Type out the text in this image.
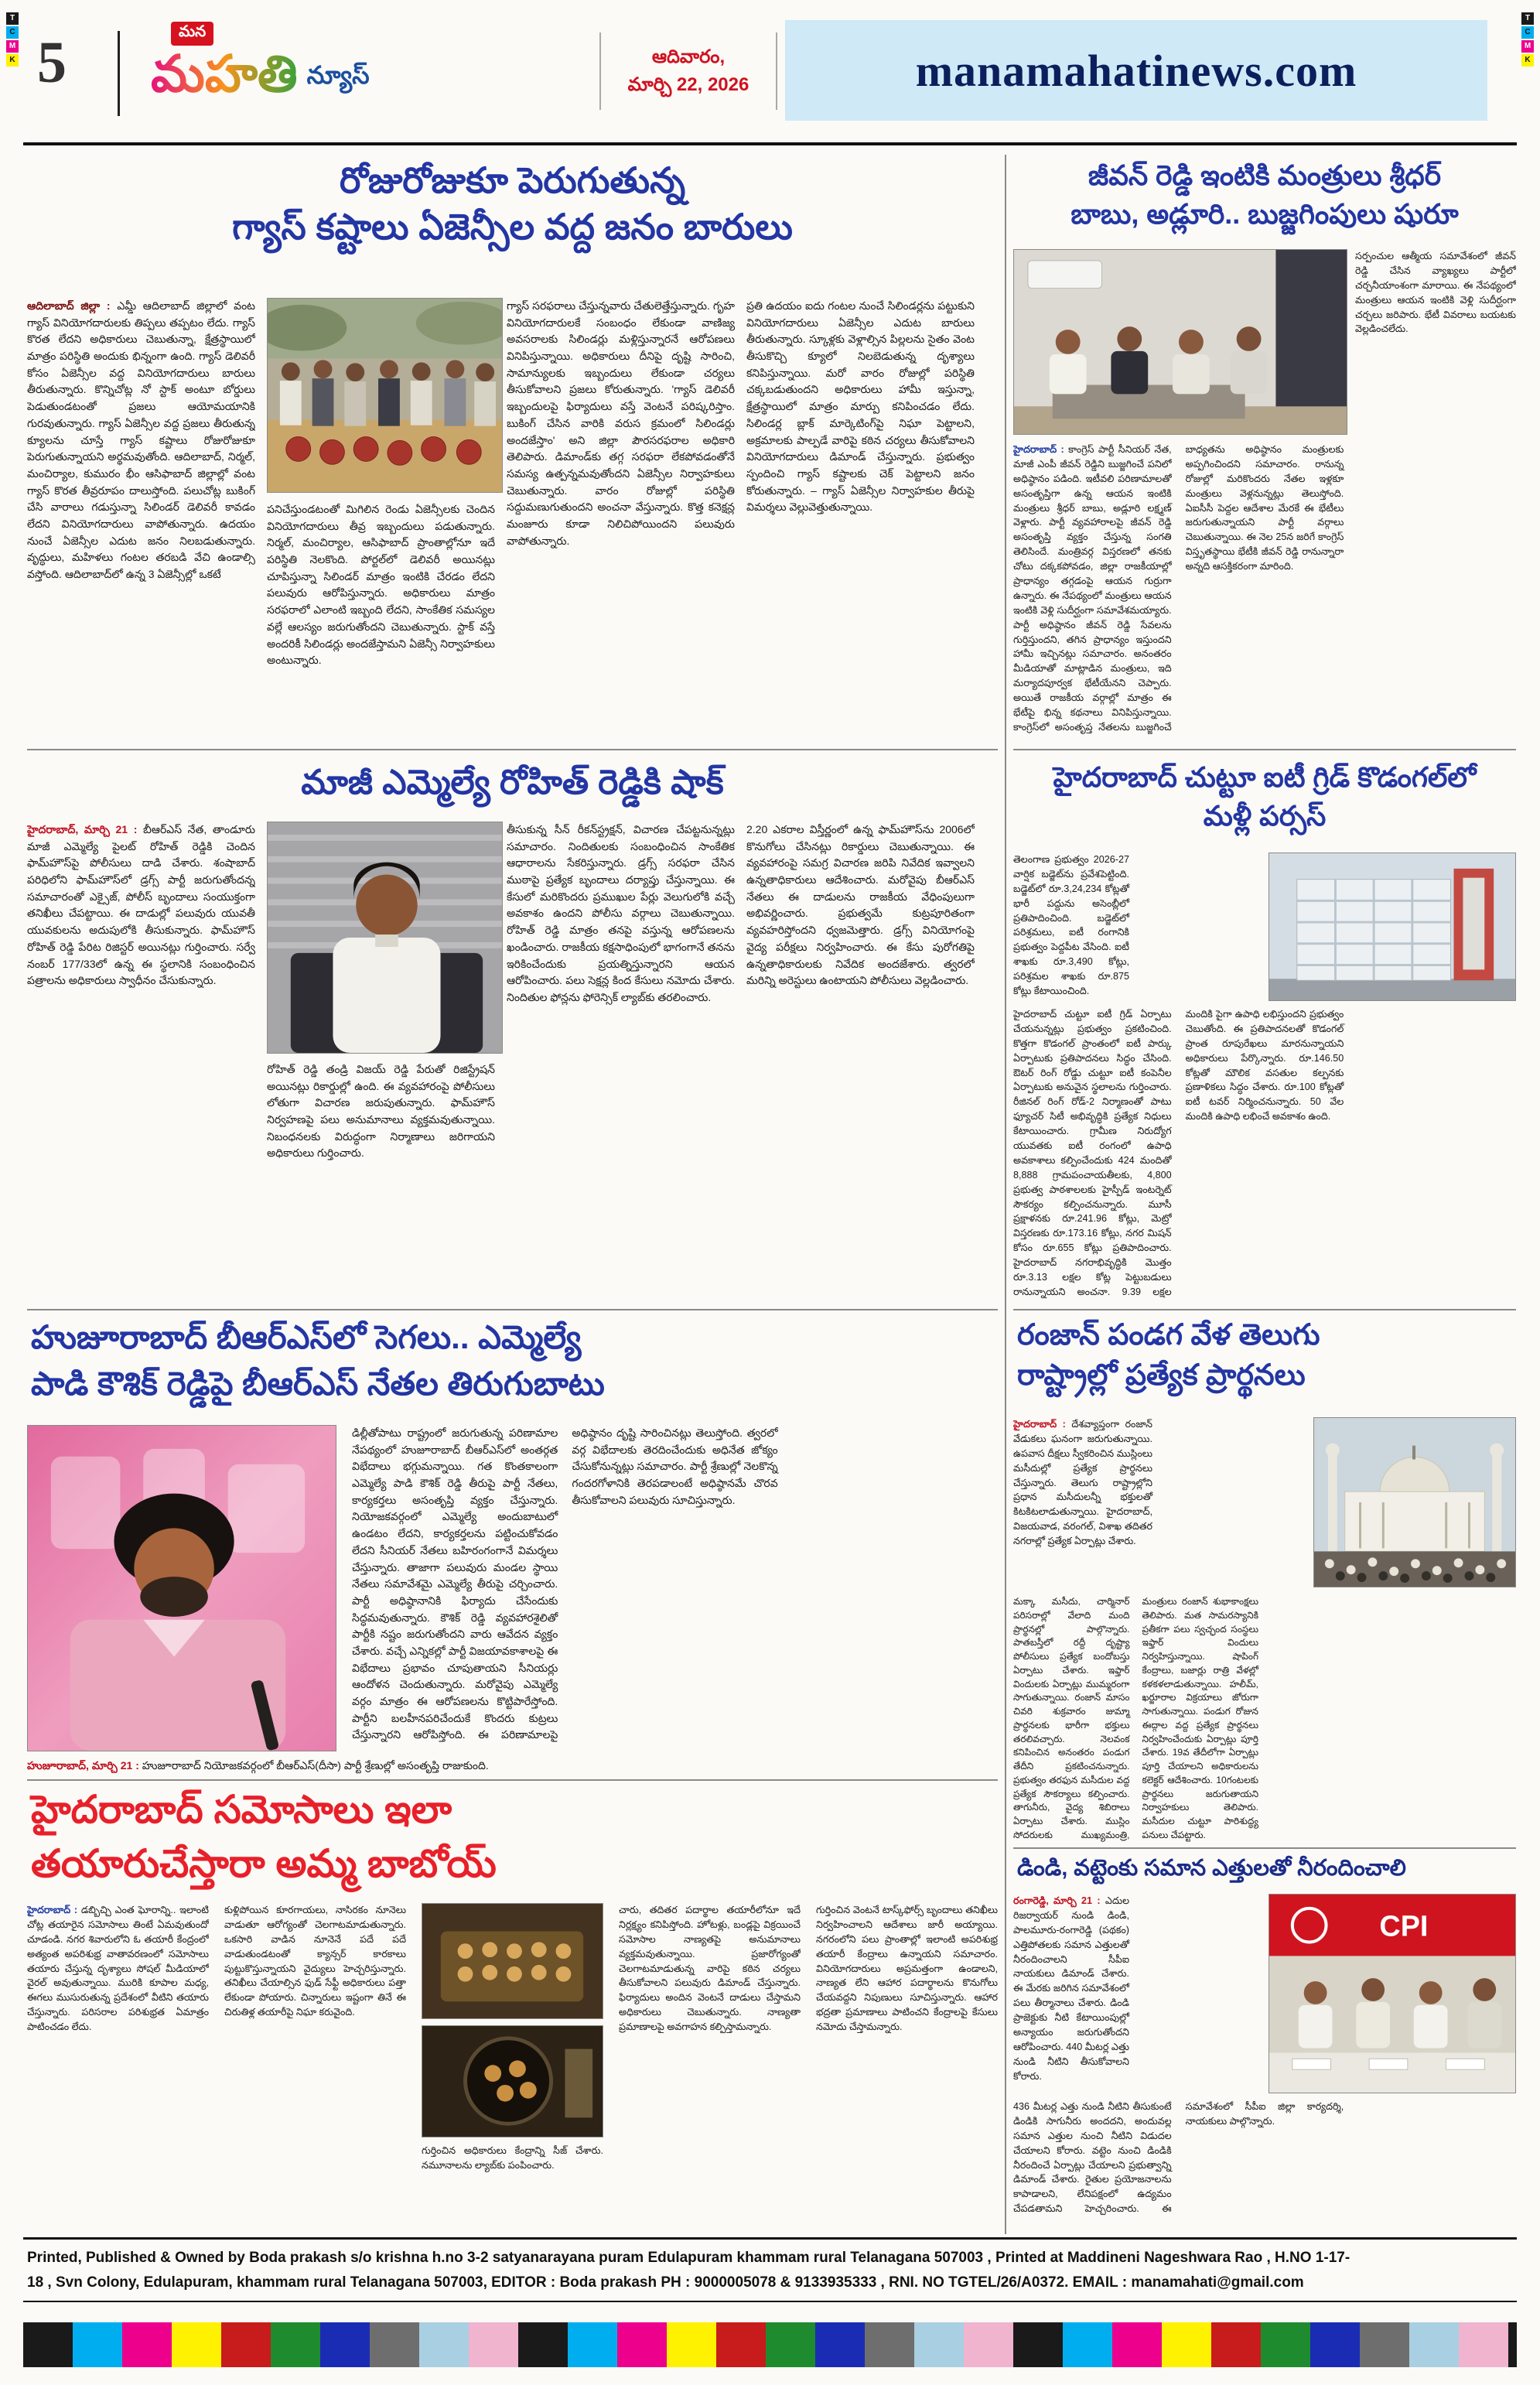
T
C
M
K
T
C
M
K
5	మన
మహతి న్యూస్
ఆదివారం,
మార్చి 22, 2026	manamahatinews.com
రోజురోజుకూ పెరుగుతున్న
గ్యాస్ కష్టాలు ఏజెన్సీల వద్ద జనం బారులు
ఆదిలాబాద్ జిల్లా : ఎమ్డీ ఆదిలాబాద్ జిల్లాలో వంట గ్యాస్ వినియోగదారులకు తిప్పలు తప్పటం లేదు. గ్యాస్ కొరత లేదని అధికారులు చెబుతున్నా, క్షేత్రస్థాయిలో మాత్రం పరిస్థితి అందుకు భిన్నంగా ఉంది. గ్యాస్ డెలివరీ కోసం ఏజెన్సీల వద్ద వినియోగదారులు బారులు తీరుతున్నారు. కొన్నిచోట్ల నో స్టాక్ అంటూ బోర్డులు పెడుతుండటంతో ప్రజలు ఆయోమయానికి గురవుతున్నారు. గ్యాస్ ఏజెన్సీల వద్ద ప్రజలు తీరుతున్న క్యూలను చూస్తే గ్యాస్ కష్టాలు రోజురోజుకూ పెరుగుతున్నాయని అర్థమవుతోంది. ఆదిలాబాద్, నిర్మల్, మంచిర్యాల, కుమురం భీం ఆసిఫాబాద్ జిల్లాల్లో వంట గ్యాస్ కొరత తీవ్రరూపం దాలుస్తోంది. పలుచోట్ల బుకింగ్ చేసి వారాలు గడుస్తున్నా సిలిండర్ డెలివరీ కావడం లేదని వినియోగదారులు వాపోతున్నారు. ఉదయం నుంచే ఏజెన్సీల ఎదుట జనం నిలబడుతున్నారు. వృద్ధులు, మహిళలు గంటల తరబడి వేచి ఉండాల్సి వస్తోంది. ఆదిలాబాద్‌లో ఉన్న 3 ఏజెన్సీల్లో ఒకటే
పనిచేస్తుండటంతో మిగిలిన రెండు ఏజెన్సీలకు చెందిన వినియోగదారులు తీవ్ర ఇబ్బందులు పడుతున్నారు. నిర్మల్, మంచిర్యాల, ఆసిఫాబాద్ ప్రాంతాల్లోనూ ఇదే పరిస్థితి నెలకొంది. పోర్టల్‌లో డెలివరీ అయినట్లు చూపిస్తున్నా సిలిండర్ మాత్రం ఇంటికి చేరడం లేదని పలువురు ఆరోపిస్తున్నారు. అధికారులు మాత్రం సరఫరాలో ఎలాంటి ఇబ్బంది లేదని, సాంకేతిక సమస్యల వల్లే ఆలస్యం జరుగుతోందని చెబుతున్నారు. స్టాక్ వస్తే అందరికీ సిలిండర్లు అందజేస్తామని ఏజెన్సీ నిర్వాహకులు అంటున్నారు.
గ్యాస్ సరఫరాలు చేస్తున్నవారు చేతులెత్తేస్తున్నారు. గృహ వినియోగదారులకే సంబంధం లేకుండా వాణిజ్య అవసరాలకు సిలిండర్లు మళ్లిస్తున్నారనే ఆరోపణలు వినిపిస్తున్నాయి. అధికారులు దీనిపై దృష్టి సారించి, సామాన్యులకు ఇబ్బందులు లేకుండా చర్యలు తీసుకోవాలని ప్రజలు కోరుతున్నారు. 'గ్యాస్ డెలివరీ ఇబ్బందులపై ఫిర్యాదులు వస్తే వెంటనే పరిష్కరిస్తాం. బుకింగ్ చేసిన వారికి వరుస క్రమంలో సిలిండర్లు అందజేస్తాం' అని జిల్లా పౌరసరఫరాల అధికారి తెలిపారు. డిమాండ్‌కు తగ్గ సరఫరా లేకపోవడంతోనే సమస్య ఉత్పన్నమవుతోందని ఏజెన్సీల నిర్వాహకులు చెబుతున్నారు. వారం రోజుల్లో పరిస్థితి సద్దుమణుగుతుందని అంచనా వేస్తున్నారు. కొత్త కనెక్షన్ల మంజూరు కూడా నిలిచిపోయిందని పలువురు వాపోతున్నారు.
ప్రతి ఉదయం ఐదు గంటల నుంచే సిలిండర్లను పట్టుకుని వినియోగదారులు ఏజెన్సీల ఎదుట బారులు తీరుతున్నారు. స్కూళ్లకు వెళ్లాల్సిన పిల్లలను సైతం వెంట తీసుకొచ్చి క్యూలో నిలబెడుతున్న దృశ్యాలు కనిపిస్తున్నాయి. మరో వారం రోజుల్లో పరిస్థితి చక్కబడుతుందని అధికారులు హామీ ఇస్తున్నా, క్షేత్రస్థాయిలో మాత్రం మార్పు కనిపించడం లేదు. సిలిండర్ల బ్లాక్ మార్కెటింగ్‌పై నిఘా పెట్టాలని, అక్రమాలకు పాల్పడే వారిపై కఠిన చర్యలు తీసుకోవాలని వినియోగదారులు డిమాండ్ చేస్తున్నారు. ప్రభుత్వం స్పందించి గ్యాస్ కష్టాలకు చెక్ పెట్టాలని జనం కోరుతున్నారు. – గ్యాస్ ఏజెన్సీల నిర్వాహకుల తీరుపై విమర్శలు వెల్లువెత్తుతున్నాయి.
జీవన్ రెడ్డి ఇంటికి మంత్రులు శ్రీధర్
బాబు, అడ్లూరి.. బుజ్జగింపులు షురూ
సర్పంచుల ఆత్మీయ సమావేశంలో జీవన్ రెడ్డి చేసిన వ్యాఖ్యలు పార్టీలో చర్చనీయాంశంగా మారాయి. ఈ నేపథ్యంలో మంత్రులు ఆయన ఇంటికి వెళ్లి సుదీర్ఘంగా చర్చలు జరిపారు. భేటీ వివరాలు బయటకు వెల్లడించలేదు.
హైదరాబాద్ : కాంగ్రెస్ పార్టీ సీనియర్ నేత, మాజీ ఎంపీ జీవన్ రెడ్డిని బుజ్జగించే పనిలో అధిష్ఠానం పడింది. ఇటీవలి పరిణామాలతో అసంతృప్తిగా ఉన్న ఆయన ఇంటికి మంత్రులు శ్రీధర్ బాబు, అడ్లూరి లక్ష్మణ్ వెళ్లారు. పార్టీ వ్యవహారాలపై జీవన్ రెడ్డి అసంతృప్తి వ్యక్తం చేస్తున్న సంగతి తెలిసిందే. మంత్రివర్గ విస్తరణలో తనకు చోటు దక్కకపోవడం, జిల్లా రాజకీయాల్లో ప్రాధాన్యం తగ్గడంపై ఆయన గుర్రుగా ఉన్నారు. ఈ నేపథ్యంలో మంత్రులు ఆయన ఇంటికి వెళ్లి సుదీర్ఘంగా సమావేశమయ్యారు. పార్టీ అధిష్ఠానం జీవన్ రెడ్డి సేవలను గుర్తిస్తుందని, తగిన ప్రాధాన్యం ఇస్తుందని హామీ ఇచ్చినట్లు సమాచారం. అనంతరం మీడియాతో మాట్లాడిన మంత్రులు, ఇది మర్యాదపూర్వక భేటీయేనని చెప్పారు. అయితే రాజకీయ వర్గాల్లో మాత్రం ఈ భేటీపై భిన్న కథనాలు వినిపిస్తున్నాయి. కాంగ్రెస్‌లో అసంతృప్త నేతలను బుజ్జగించే బాధ్యతను అధిష్ఠానం మంత్రులకు అప్పగించిందని సమాచారం. రానున్న రోజుల్లో మరికొందరు నేతల ఇళ్లకూ మంత్రులు వెళ్లనున్నట్లు తెలుస్తోంది. ఏఐసీసీ పెద్దల ఆదేశాల మేరకే ఈ భేటీలు జరుగుతున్నాయని పార్టీ వర్గాలు చెబుతున్నాయి. ఈ నెల 25న జరిగే కాంగ్రెస్ విస్తృతస్థాయి భేటీకి జీవన్ రెడ్డి రానున్నారా అన్నది ఆసక్తికరంగా మారింది.
మాజీ ఎమ్మెల్యే రోహిత్ రెడ్డికి షాక్
హైదరాబాద్, మార్చి 21 : బీఆర్ఎస్ నేత, తాండూరు మాజీ ఎమ్మెల్యే పైలట్ రోహిత్ రెడ్డికి చెందిన ఫామ్‌హౌస్‌పై పోలీసులు దాడి చేశారు. శంషాబాద్ పరిధిలోని ఫామ్‌హౌస్‌లో డ్రగ్స్ పార్టీ జరుగుతోందన్న సమాచారంతో ఎక్సైజ్, పోలీస్ బృందాలు సంయుక్తంగా తనిఖీలు చేపట్టాయి. ఈ దాడుల్లో పలువురు యువతీ యువకులను అదుపులోకి తీసుకున్నారు. ఫామ్‌హౌస్ రోహిత్ రెడ్డి పేరిట రిజిస్టర్ అయినట్లు గుర్తించారు. సర్వే నంబర్ 177/33లో ఉన్న ఈ స్థలానికి సంబంధించిన పత్రాలను అధికారులు స్వాధీనం చేసుకున్నారు.
రోహిత్ రెడ్డి తండ్రి విజయ్ రెడ్డి పేరుతో రిజిస్ట్రేషన్ అయినట్లు రికార్డుల్లో ఉంది. ఈ వ్యవహారంపై పోలీసులు లోతుగా విచారణ జరుపుతున్నారు. ఫామ్‌హౌస్ నిర్వహణపై పలు అనుమానాలు వ్యక్తమవుతున్నాయి. నిబంధనలకు విరుద్ధంగా నిర్మాణాలు జరిగాయని అధికారులు గుర్తించారు.
తీసుకున్న సీన్ రీకన్‌స్ట్రక్షన్, విచారణ చేపట్టనున్నట్లు సమాచారం. నిందితులకు సంబంధించిన సాంకేతిక ఆధారాలను సేకరిస్తున్నారు. డ్రగ్స్ సరఫరా చేసిన ముఠాపై ప్రత్యేక బృందాలు దర్యాప్తు చేస్తున్నాయి. ఈ కేసులో మరికొందరు ప్రముఖుల పేర్లు వెలుగులోకి వచ్చే అవకాశం ఉందని పోలీసు వర్గాలు చెబుతున్నాయి. రోహిత్ రెడ్డి మాత్రం తనపై వస్తున్న ఆరోపణలను ఖండించారు. రాజకీయ కక్షసాధింపులో భాగంగానే తనను ఇరికించేందుకు ప్రయత్నిస్తున్నారని ఆయన ఆరోపించారు. పలు సెక్షన్ల కింద కేసులు నమోదు చేశారు. నిందితుల ఫోన్లను ఫోరెన్సిక్ ల్యాబ్‌కు తరలించారు.
2.20 ఎకరాల విస్తీర్ణంలో ఉన్న ఫామ్‌హౌస్‌ను 2006లో కొనుగోలు చేసినట్లు రికార్డులు చెబుతున్నాయి. ఈ వ్యవహారంపై సమగ్ర విచారణ జరిపి నివేదిక ఇవ్వాలని ఉన్నతాధికారులు ఆదేశించారు. మరోవైపు బీఆర్ఎస్ నేతలు ఈ దాడులను రాజకీయ వేధింపులుగా అభివర్ణించారు. ప్రభుత్వమే కుట్రపూరితంగా వ్యవహరిస్తోందని ధ్వజమెత్తారు. డ్రగ్స్ వినియోగంపై వైద్య పరీక్షలు నిర్వహించారు. ఈ కేసు పురోగతిపై ఉన్నతాధికారులకు నివేదిక అందజేశారు. త్వరలో మరిన్ని అరెస్టులు ఉంటాయని పోలీసులు వెల్లడించారు.
హైదరాబాద్ చుట్టూ ఐటీ గ్రిడ్ కొడంగల్‌లో
మళ్లీ పర్సస్
తెలంగాణ ప్రభుత్వం 2026-27 వార్షిక బడ్జెట్‌ను ప్రవేశపెట్టింది. బడ్జెట్‌లో రూ.3,24,234 కోట్లతో భారీ పద్దును అసెంబ్లీలో ప్రతిపాదించింది. బడ్జెట్‌లో పరిశ్రమలు, ఐటీ రంగానికి ప్రభుత్వం పెద్దపీట వేసింది. ఐటీ శాఖకు రూ.3,490 కోట్లు, పరిశ్రమల శాఖకు రూ.875 కోట్లు కేటాయించింది.
హైదరాబాద్ చుట్టూ ఐటీ గ్రిడ్ ఏర్పాటు చేయనున్నట్లు ప్రభుత్వం ప్రకటించింది. కొత్తగా కొడంగల్ ప్రాంతంలో ఐటీ పార్కు ఏర్పాటుకు ప్రతిపాదనలు సిద్ధం చేసింది. ఔటర్ రింగ్ రోడ్డు చుట్టూ ఐటీ కంపెనీల ఏర్పాటుకు అనువైన స్థలాలను గుర్తించారు. రీజినల్ రింగ్ రోడ్-2 నిర్మాణంతో పాటు ఫ్యూచర్ సిటీ అభివృద్ధికి ప్రత్యేక నిధులు కేటాయించారు. గ్రామీణ నిరుద్యోగ యువతకు ఐటీ రంగంలో ఉపాధి అవకాశాలు కల్పించేందుకు 424 మందితో 8,888 గ్రామపంచాయతీలకు, 4,800 ప్రభుత్వ పాఠశాలలకు హైస్పీడ్ ఇంటర్నెట్ సౌకర్యం కల్పించనున్నారు. మూసీ ప్రక్షాళనకు రూ.241.96 కోట్లు, మెట్రో విస్తరణకు రూ.173.16 కోట్లు, నగర మిషన్ కోసం రూ.655 కోట్లు ప్రతిపాదించారు. హైదరాబాద్ నగరాభివృద్ధికి మొత్తం రూ.3.13 లక్షల కోట్ల పెట్టుబడులు రానున్నాయని అంచనా. 9.39 లక్షల మందికి పైగా ఉపాధి లభిస్తుందని ప్రభుత్వం చెబుతోంది. ఈ ప్రతిపాదనలతో కొడంగల్ ప్రాంత రూపురేఖలు మారనున్నాయని అధికారులు పేర్కొన్నారు. రూ.146.50 కోట్లతో మౌలిక వసతుల కల్పనకు ప్రణాళికలు సిద్ధం చేశారు. రూ.100 కోట్లతో ఐటీ టవర్ నిర్మించనున్నారు. 50 వేల మందికి ఉపాధి లభించే అవకాశం ఉంది.
హుజూరాబాద్ బీఆర్ఎస్‌లో సెగలు.. ఎమ్మెల్యే
పాడి కౌశిక్ రెడ్డిపై బీఆర్ఎస్ నేతల తిరుగుబాటు
డిల్లీతోపాటు రాష్ట్రంలో జరుగుతున్న పరిణామాల నేపథ్యంలో హుజూరాబాద్ బీఆర్ఎస్‌లో అంతర్గత విభేదాలు భగ్గుమన్నాయి. గత కొంతకాలంగా ఎమ్మెల్యే పాడి కౌశిక్ రెడ్డి తీరుపై పార్టీ నేతలు, కార్యకర్తలు అసంతృప్తి వ్యక్తం చేస్తున్నారు. నియోజకవర్గంలో ఎమ్మెల్యే అందుబాటులో ఉండటం లేదని, కార్యకర్తలను పట్టించుకోవడం లేదని సీనియర్ నేతలు బహిరంగంగానే విమర్శలు చేస్తున్నారు. తాజాగా పలువురు మండల స్థాయి నేతలు సమావేశమై ఎమ్మెల్యే తీరుపై చర్చించారు. పార్టీ అధిష్ఠానానికి ఫిర్యాదు చేసేందుకు సిద్ధమవుతున్నారు. కౌశిక్ రెడ్డి వ్యవహారశైలితో పార్టీకి నష్టం జరుగుతోందని వారు ఆవేదన వ్యక్తం చేశారు. వచ్చే ఎన్నికల్లో పార్టీ విజయావకాశాలపై ఈ విభేదాలు ప్రభావం చూపుతాయని సీనియర్లు ఆందోళన చెందుతున్నారు. మరోవైపు ఎమ్మెల్యే వర్గం మాత్రం ఈ ఆరోపణలను కొట్టిపారేస్తోంది. పార్టీని బలహీనపరిచేందుకే కొందరు కుట్రలు చేస్తున్నారని ఆరోపిస్తోంది. ఈ పరిణామాలపై అధిష్ఠానం దృష్టి సారించినట్లు తెలుస్తోంది. త్వరలో వర్గ విభేదాలకు తెరదించేందుకు అధినేత జోక్యం చేసుకోనున్నట్లు సమాచారం. పార్టీ శ్రేణుల్లో నెలకొన్న గందరగోళానికి తెరపడాలంటే అధిష్ఠానమే చొరవ తీసుకోవాలని పలువురు సూచిస్తున్నారు.
హుజూరాబాద్, మార్చి 21 : హుజూరాబాద్ నియోజకవర్గంలో బీఆర్ఎస్(దీసా) పార్టీ శ్రేణుల్లో అసంతృప్తి రాజుకుంది.
రంజాన్ పండగ వేళ తెలుగు
రాష్ట్రాల్లో ప్రత్యేక ప్రార్థనలు
హైదరాబాద్ : దేశవ్యాప్తంగా రంజాన్ వేడుకలు ఘనంగా జరుగుతున్నాయి. ఉపవాస దీక్షలు స్వీకరించిన ముస్లింలు మసీదుల్లో ప్రత్యేక ప్రార్థనలు చేస్తున్నారు. తెలుగు రాష్ట్రాల్లోని ప్రధాన మసీదులన్నీ భక్తులతో కిటకిటలాడుతున్నాయి. హైదరాబాద్, విజయవాడ, వరంగల్, విశాఖ తదితర నగరాల్లో ప్రత్యేక ఏర్పాట్లు చేశారు.
మక్కా మసీదు, చార్మినార్ పరిసరాల్లో వేలాది మంది ప్రార్థనల్లో పాల్గొన్నారు. పాతబస్తీలో రద్దీ దృష్ట్యా పోలీసులు ప్రత్యేక బందోబస్తు ఏర్పాటు చేశారు. ఇఫ్తార్ విందులకు ఏర్పాట్లు ముమ్మరంగా సాగుతున్నాయి. రంజాన్ మాసం చివరి శుక్రవారం జుమ్మా ప్రార్థనలకు భారీగా భక్తులు తరలివచ్చారు. నెలవంక కనిపించిన అనంతరం పండుగ తేదీని ప్రకటించనున్నారు. ప్రభుత్వం తరఫున మసీదుల వద్ద ప్రత్యేక సౌకర్యాలు కల్పించారు. తాగునీరు, వైద్య శిబిరాలు ఏర్పాటు చేశారు. ముస్లిం సోదరులకు ముఖ్యమంత్రి, మంత్రులు రంజాన్ శుభాకాంక్షలు తెలిపారు. మత సామరస్యానికి ప్రతీకగా పలు స్వచ్ఛంద సంస్థలు ఇఫ్తార్ విందులు నిర్వహిస్తున్నాయి. షాపింగ్ కేంద్రాలు, బజార్లు రాత్రి వేళల్లో కళకళలాడుతున్నాయి. హలీమ్, ఖర్జూరాల విక్రయాలు జోరుగా సాగుతున్నాయి. పండుగ రోజున ఈద్గాల వద్ద ప్రత్యేక ప్రార్థనలు నిర్వహించేందుకు ఏర్పాట్లు పూర్తి చేశారు. 19వ తేదీలోగా ఏర్పాట్లు పూర్తి చేయాలని అధికారులను కలెక్టర్ ఆదేశించారు. 10గంటలకు ప్రార్థనలు జరుగుతాయని నిర్వాహకులు తెలిపారు. మసీదుల చుట్టూ పారిశుద్ధ్య పనులు చేపట్టారు.
హైదరాబాద్ సమోసాలు ఇలా
తయారుచేస్తారా అమ్మ బాబోయ్
హైదరాబాద్ : డబ్బిచ్చి ఎంత ఘోరాన్ని.. ఇలాంటి చోట్ల తయారైన సమోసాలు తింటే ఏమవుతుందో చూడండి. నగర శివారులోని ఓ తయారీ కేంద్రంలో అత్యంత అపరిశుభ్ర వాతావరణంలో సమోసాలు తయారు చేస్తున్న దృశ్యాలు సోషల్ మీడియాలో వైరల్ అవుతున్నాయి. మురికి కూపాల మధ్య, ఈగలు ముసురుతున్న ప్రదేశంలో వీటిని తయారు చేస్తున్నారు. పరిసరాల పరిశుభ్రత ఏమాత్రం పాటించడం లేదు.
కుళ్లిపోయిన కూరగాయలు, నాసిరకం నూనెలు వాడుతూ ఆరోగ్యంతో చెలగాటమాడుతున్నారు. ఒకసారి వాడిన నూనెనే పదే పదే వాడుతుండటంతో క్యాన్సర్ కారకాలు పుట్టుకొస్తున్నాయని వైద్యులు హెచ్చరిస్తున్నారు. తనిఖీలు చేయాల్సిన ఫుడ్ సేఫ్టీ అధికారులు పత్తా లేకుండా పోయారు. చిన్నారులు ఇష్టంగా తినే ఈ చిరుతిళ్ల తయారీపై నిఘా కరువైంది.
గుర్తించిన అధికారులు కేంద్రాన్ని సీజ్ చేశారు. నమూనాలను ల్యాబ్‌కు పంపించారు.
చారు, తదితర పదార్థాల తయారీలోనూ ఇదే నిర్లక్ష్యం కనిపిస్తోంది. హోటళ్లు, బండ్లపై విక్రయించే సమోసాల నాణ్యతపై అనుమానాలు వ్యక్తమవుతున్నాయి. ప్రజారోగ్యంతో చెలగాటమాడుతున్న వారిపై కఠిన చర్యలు తీసుకోవాలని పలువురు డిమాండ్ చేస్తున్నారు. ఫిర్యాదులు అందిన వెంటనే దాడులు చేస్తామని అధికారులు చెబుతున్నారు. నాణ్యతా ప్రమాణాలపై అవగాహన కల్పిస్తామన్నారు.
గుర్తించిన వెంటనే టాస్క్‌ఫోర్స్ బృందాలు తనిఖీలు నిర్వహించాలని ఆదేశాలు జారీ అయ్యాయి. నగరంలోని పలు ప్రాంతాల్లో ఇలాంటి అపరిశుభ్ర తయారీ కేంద్రాలు ఉన్నాయని సమాచారం. వినియోగదారులు అప్రమత్తంగా ఉండాలని, నాణ్యత లేని ఆహార పదార్థాలను కొనుగోలు చేయవద్దని నిపుణులు సూచిస్తున్నారు. ఆహార భద్రతా ప్రమాణాలు పాటించని కేంద్రాలపై కేసులు నమోదు చేస్తామన్నారు.
డిండి, వట్టెంకు సమాన ఎత్తులతో నీరందించాలి
రంగారెడ్డి, మార్చి 21 : ఎదుల రిజర్వాయర్ నుండి డిండి, పాలమూరు-రంగారెడ్డి (పథకం) ఎత్తిపోతలకు సమాన ఎత్తులతో నీరందించాలని సీపీఐ నాయకులు డిమాండ్ చేశారు. ఈ మేరకు జరిగిన సమావేశంలో పలు తీర్మానాలు చేశారు. డిండి ప్రాజెక్టుకు నీటి కేటాయింపుల్లో అన్యాయం జరుగుతోందని ఆరోపించారు. 440 మీటర్ల ఎత్తు నుండి నీటిని తీసుకోవాలని కోరారు.
CPI
436 మీటర్ల ఎత్తు నుండి నీటిని తీసుకుంటే డిండికి సాగునీరు అందదని, అందువల్ల సమాన ఎత్తుల నుంచి నీటిని విడుదల చేయాలని కోరారు. వట్టెం నుంచి డిండికి నీరందించే ఏర్పాట్లు చేయాలని ప్రభుత్వాన్ని డిమాండ్ చేశారు. రైతుల ప్రయోజనాలను కాపాడాలని, లేనిపక్షంలో ఉద్యమం చేపడతామని హెచ్చరించారు. ఈ సమావేశంలో సీపీఐ జిల్లా కార్యదర్శి, నాయకులు పాల్గొన్నారు.
Printed, Published & Owned by Boda prakash s/o krishna h.no 3-2 satyanarayana puram Edulapuram khammam rural Telanagana 507003 , Printed at Maddineni Nageshwara Rao , H.NO 1-17-
18 , Svn Colony, Edulapuram, khammam rural Telanagana 507003, EDITOR : Boda prakash PH : 9000005078 & 9133935333 , RNI. NO TGTEL/26/A0372. EMAIL : manamahati@gmail.com
